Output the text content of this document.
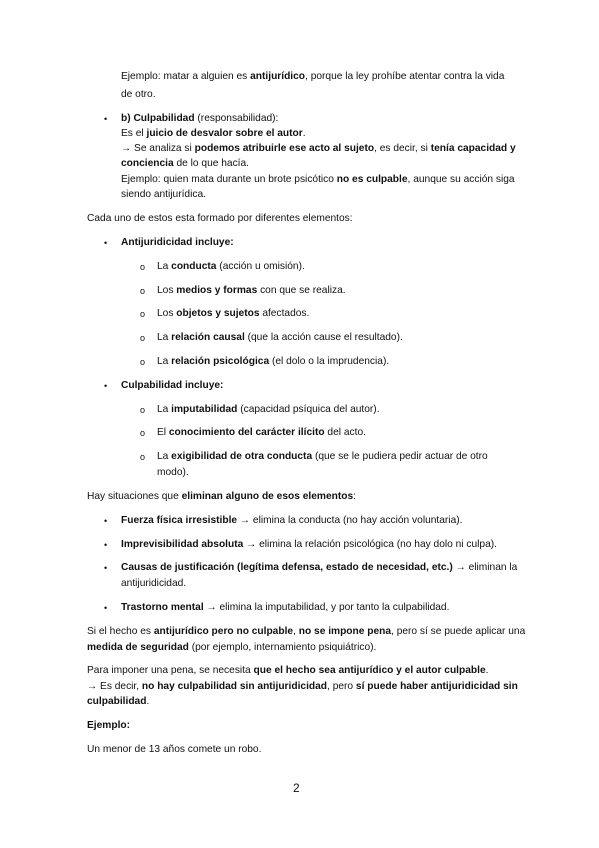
Ejemplo: matar a alguien es antijurídico, porque la ley prohíbe atentar contra la vida
de otro.
• b) Culpabilidad (responsabilidad):
Es el juicio de desvalor sobre el autor.
→ Se analiza si podemos atribuirle ese acto al sujeto, es decir, si tenía capacidad y
conciencia de lo que hacía.
Ejemplo: quien mata durante un brote psicótico no es culpable, aunque su acción siga
siendo antijurídica.
Cada uno de estos esta formado por diferentes elementos:
• Antijuridicidad incluye:
o La conducta (acción u omisión).
o Los medios y formas con que se realiza.
o Los objetos y sujetos afectados.
o La relación causal (que la acción cause el resultado).
o La relación psicológica (el dolo o la imprudencia).
• Culpabilidad incluye:
o La imputabilidad (capacidad psíquica del autor).
o El conocimiento del carácter ilícito del acto.
o La exigibilidad de otra conducta (que se le pudiera pedir actuar de otro
modo).
Hay situaciones que eliminan alguno de esos elementos:
• Fuerza física irresistible → elimina la conducta (no hay acción voluntaria).
• Imprevisibilidad absoluta → elimina la relación psicológica (no hay dolo ni culpa).
• Causas de justificación (legítima defensa, estado de necesidad, etc.) → eliminan la
antijuridicidad.
• Trastorno mental → elimina la imputabilidad, y por tanto la culpabilidad.
Si el hecho es antijurídico pero no culpable, no se impone pena, pero sí se puede aplicar una
medida de seguridad (por ejemplo, internamiento psiquiátrico).
Para imponer una pena, se necesita que el hecho sea antijurídico y el autor culpable.
→ Es decir, no hay culpabilidad sin antijuridicidad, pero sí puede haber antijuridicidad sin
culpabilidad.
Ejemplo:
Un menor de 13 años comete un robo.
2
